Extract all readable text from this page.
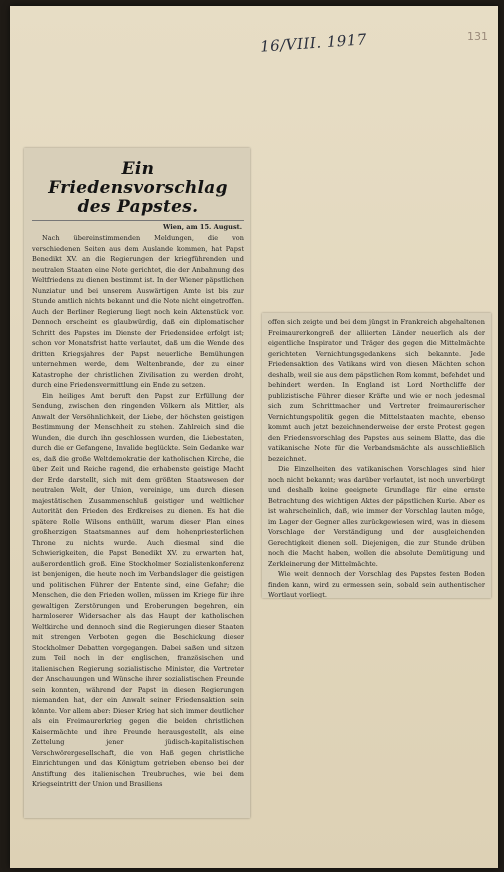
16/VIII. 1917	131
Ein Friedensvorschlag
des Papstes.
Wien, am 15. August.

Nach übereinstimmenden Meldungen, die von verschiedenen Seiten aus dem Auslande kommen, hat Papst Benedikt XV. an die Regierungen der kriegführenden und neutralen Staaten eine Note gerichtet, die der Anbahnung des Weltfriedens zu dienen bestimmt ist. In der Wiener päpstlichen Nunziatur und bei unserem Auswärtigen Amte ist bis zur Stunde amtlich nichts bekannt und die Note nicht eingetroffen. Auch der Berliner Regierung liegt noch kein Aktenstück vor. Dennoch erscheint es glaubwürdig, daß ein diplomatischer Schritt des Papstes im Dienste der Friedensidee erfolgt ist; schon vor Monatsfrist hatte verlautet, daß um die Wende des dritten Kriegsjahres der Papst neuerliche Bemühungen unternehmen werde, dem Weltenbrande, der zu einer Katastrophe der christlichen Zivilisation zu werden droht, durch eine Friedensvermittlung ein Ende zu setzen.

Ein heiliges Amt beruft den Papst zur Erfüllung der Sendung, zwischen den ringenden Völkern als Mittler, als Anwalt der Versöhnlichkeit, der Liebe, der höchsten geistigen Bestimmung der Menschheit zu stehen. Zahlreich sind die Wunden, die durch ihn geschlossen wurden, die Liebestaten, durch die er Gefangene, Invalide beglückte. Sein Gedanke war es, daß die große Weltdemokratie der katholischen Kirche, die über Zeit und Reiche ragend, die erhabenste geistige Macht der Erde darstellt, sich mit dem größten Staatswesen der neutralen Welt, der Union, vereinige, um durch diesen majestätischen Zusammenschluß geistiger und weltlicher Autorität den Frieden des Erdkreises zu dienen. Es hat die spätere Rolle Wilsons enthüllt, warum dieser Plan eines großherzigen Staatsmannes auf dem hohenpriesterlichen Throne zu nichts wurde. Auch diesmal sind die Schwierigkeiten, die Papst Benedikt XV. zu erwarten hat, außerordentlich groß. Eine Stockholmer Sozialistenkonferenz ist benjenigen, die heute noch im Verbandslager die geistigen und politischen Führer der Entente sind, eine Gefahr; die Menschen, die den Frieden wollen, müssen im Kriege für ihre gewaltigen Zerstörungen und Eroberungen begehren, ein harmloserer Widersacher als das Haupt der katholischen Weltkirche und dennoch sind die Regierungen dieser Staaten mit strengen Verboten gegen die Beschickung dieser Stockholmer Debatten vorgegangen. Dabei saßen und sitzen zum Teil noch in der englischen, französischen und italienischen Regierung sozialistische Minister, die Vertreter der Anschauungen und Wünsche ihrer sozialistischen Freunde sein konnten, während der Papst in diesen Regierungen niemanden hat, der ein Anwalt seiner Friedensaktion sein könnte. Vor allem aber: Dieser Krieg hat sich immer deutlicher als ein Freimaurerkrieg gegen die beiden christlichen Kaisermächte und ihre Freunde herausgestellt, als eine Zettelung jener jüdisch-kapitalistischen Verschwörergesellschaft, die von Haß gegen christliche Einrichtungen und das Königtum getrieben ebenso bei der Anstiftung des italienischen Treubruches, wie bei dem Kriegseintritt der Union und Brasiliens

offen sich zeigte und bei dem jüngst in Frankreich abgehaltenen Freimaurerkongreß der alliierten Länder neuerlich als der eigentliche Inspirator und Träger des gegen die Mittelmächte gerichteten Vernichtungsgedankens sich bekannte. Jede Friedensaktion des Vatikans wird von diesen Mächten schon deshalb, weil sie aus dem päpstlichen Rom kommt, befehdet und behindert werden. In England ist Lord Northcliffe der publizistische Führer dieser Kräfte und wie er noch jedesmal sich zum Schrittmacher und Vertreter freimaurerischer Vernichtungspolitik gegen die Mittelstaaten machte, ebenso kommt auch jetzt bezeichnenderweise der erste Protest gegen den Friedensvorschlag des Papstes aus seinem Blatte, das die vatikanische Note für die Verbandsmächte als ausschließlich bezeichnet.

Die Einzelheiten des vatikanischen Vorschlages sind hier noch nicht bekannt; was darüber verlautet, ist noch unverbürgt und deshalb keine geeignete Grundlage für eine ernste Betrachtung des wichtigen Aktes der päpstlichen Kurie. Aber es ist wahrscheinlich, daß, wie immer der Vorschlag lauten möge, im Lager der Gegner alles zurückgewiesen wird, was in diesem Vorschlage der Verständigung und der ausgleichenden Gerechtigkeit dienen soll. Diejenigen, die zur Stunde drüben noch die Macht haben, wollen die absolute Demütigung und Zerkleinerung der Mittelmächte.

Wie weit dennoch der Vorschlag des Papstes festen Boden finden kann, wird zu ermessen sein, sobald sein authentischer Wortlaut vorliegt.
